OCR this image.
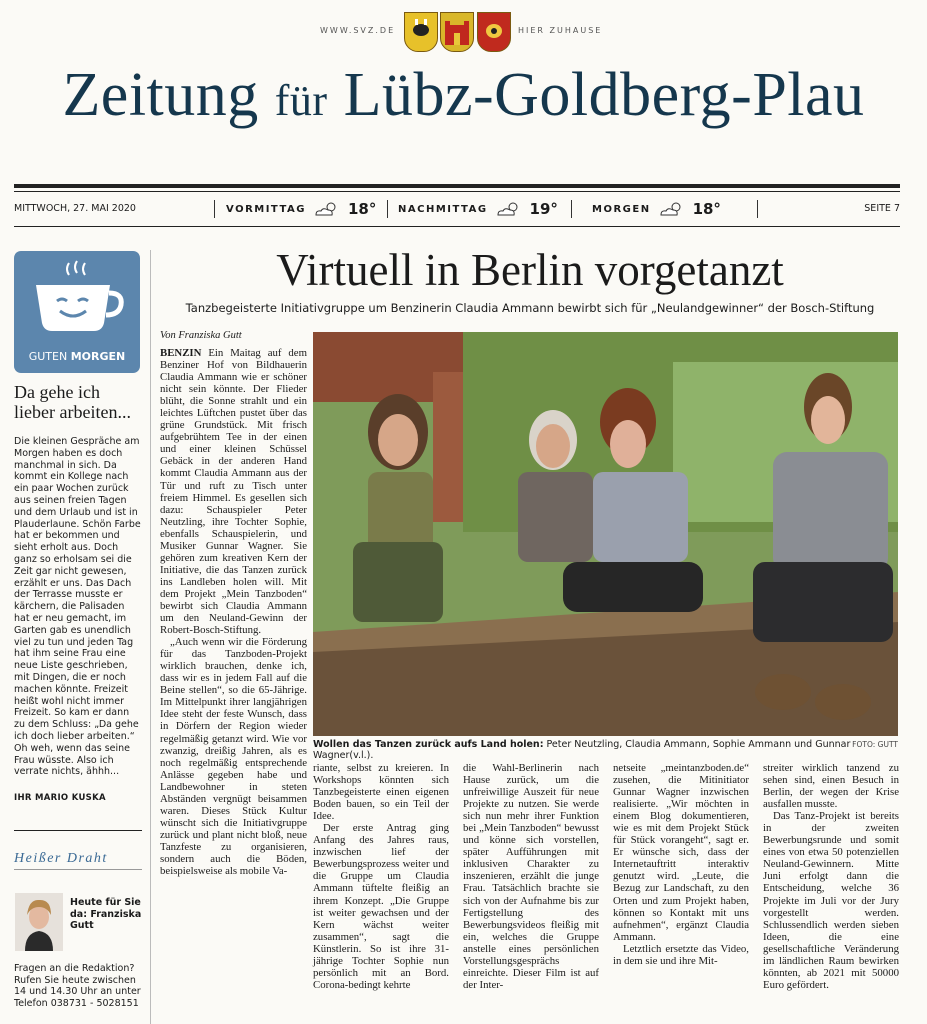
WWW.SVZ.DE	HIER ZUHAUSE
Zeitung für Lübz-Goldberg-Plau
MITTWOCH, 27. MAI 2020	VORMITTAG	18° NACHMITTAG	19°	MORGEN	18°	SEITE 7
GUTEN MORGEN
Da gehe ich lieber arbeiten...
Die kleinen Gespräche am Morgen haben es doch manchmal in sich. Da kommt ein Kollege nach ein paar Wochen zurück aus seinen freien Tagen und dem Urlaub und ist in Plauderlaune. Schön Farbe hat er bekommen und sieht erholt aus. Doch ganz so erholsam sei die Zeit gar nicht gewesen, erzählt er uns. Das Dach der Terrasse musste er kärchern, die Palisaden hat er neu gemacht, im Garten gab es unendlich viel zu tun und jeden Tag hat ihm seine Frau eine neue Liste geschrieben, mit Dingen, die er noch machen könnte. Freizeit heißt wohl nicht immer Freizeit. So kam er dann zu dem Schluss: „Da gehe ich doch lieber arbeiten.“ Oh weh, wenn das seine Frau wüsste. Also ich verrate nichts, ähhh...
IHR MARIO KUSKA
Heißer Draht
Heute für Sie da: Franziska Gutt
Fragen an die Redaktion? Rufen Sie heute zwischen 14 und 14.30 Uhr an unter Telefon 038731 - 5028151
Virtuell in Berlin vorgetanzt
Tanzbegeisterte Initiativgruppe um Benzinerin Claudia Ammann bewirbt sich für „Neulandgewinner“ der Bosch-Stiftung
Von Franziska Gutt

BENZIN Ein Maitag auf dem Benziner Hof von Bildhauerin Claudia Ammann wie er schöner nicht sein könnte. Der Flieder blüht, die Sonne strahlt und ein leichtes Lüftchen pustet über das grüne Grundstück. Mit frisch aufgebrühtem Tee in der einen und einer kleinen Schüssel Gebäck in der anderen Hand kommt Claudia Ammann aus der Tür und ruft zu Tisch unter freiem Himmel. Es gesellen sich dazu: Schauspieler Peter Neutzling, ihre Tochter Sophie, ebenfalls Schauspielerin, und Musiker Gunnar Wagner. Sie gehören zum kreativen Kern der Initiative, die das Tanzen zurück ins Landleben holen will. Mit dem Projekt „Mein Tanzboden“ bewirbt sich Claudia Ammann um den Neuland-Gewinn der Robert-Bosch-Stiftung.

„Auch wenn wir die Förderung für das Tanzboden-Projekt wirklich brauchen, denke ich, dass wir es in jedem Fall auf die Beine stellen“, so die 65-Jährige. Im Mittelpunkt ihrer langjährigen Idee steht der feste Wunsch, dass in Dörfern der Region wieder regelmäßig getanzt wird. Wie vor zwanzig, dreißig Jahren, als es noch regelmäßig entsprechende Anlässe gegeben habe und Landbewohner in steten Abständen vergnügt beisammen waren. Dieses Stück Kultur wünscht sich die Initiativgruppe zurück und plant nicht bloß, neue Tanzfeste zu organisieren, sondern auch die Böden, beispielsweise als mobile Va-

Wollen das Tanzen zurück aufs Land holen: Peter Neutzling, Claudia Ammann, Sophie Ammann und Gunnar Wagner(v.l.).
FOTO: GUTT

riante, selbst zu kreieren. In Workshops könnten sich Tanzbegeisterte einen eigenen Boden bauen, so ein Teil der Idee.

Der erste Antrag ging Anfang des Jahres raus, inzwischen lief der Bewerbungsprozess weiter und die Gruppe um Claudia Ammann tüftelte fleißig an ihrem Konzept. „Die Gruppe ist weiter gewachsen und der Kern wächst weiter zusammen“, sagt die Künstlerin. So ist ihre 31-jährige Tochter Sophie nun persönlich mit an Bord. Corona-bedingt kehrte

die Wahl-Berlinerin nach Hause zurück, um die unfreiwillige Auszeit für neue Projekte zu nutzen. Sie werde sich nun mehr ihrer Funktion bei „Mein Tanzboden“ bewusst und könne sich vorstellen, später Aufführungen mit inklusiven Charakter zu inszenieren, erzählt die junge Frau. Tatsächlich brachte sie sich von der Aufnahme bis zur Fertigstellung des Bewerbungsvideos fleißig mit ein, welches die Gruppe anstelle eines persönlichen Vorstellungsgesprächs einreichte. Dieser Film ist auf der Inter-

netseite „meintanzboden.de“ zusehen, die Mitinitiator Gunnar Wagner inzwischen realisierte. „Wir möchten in einem Blog dokumentieren, wie es mit dem Projekt Stück für Stück vorangeht“, sagt er. Er wünsche sich, dass der Internetauftritt interaktiv genutzt wird. „Leute, die Bezug zur Landschaft, zu den Orten und zum Projekt haben, können so Kontakt mit uns aufnehmen“, ergänzt Claudia Ammann.

Letztlich ersetzte das Video, in dem sie und ihre Mit-

streiter wirklich tanzend zu sehen sind, einen Besuch in Berlin, der wegen der Krise ausfallen musste.

Das Tanz-Projekt ist bereits in der zweiten Bewerbungsrunde und somit eines von etwa 50 potenziellen Neuland-Gewinnern. Mitte Juni erfolgt dann die Entscheidung, welche 36 Projekte im Juli vor der Jury vorgestellt werden. Schlussendlich werden sieben Ideen, die eine gesellschaftliche Veränderung im ländlichen Raum bewirken könnten, ab 2021 mit 50000 Euro gefördert.
